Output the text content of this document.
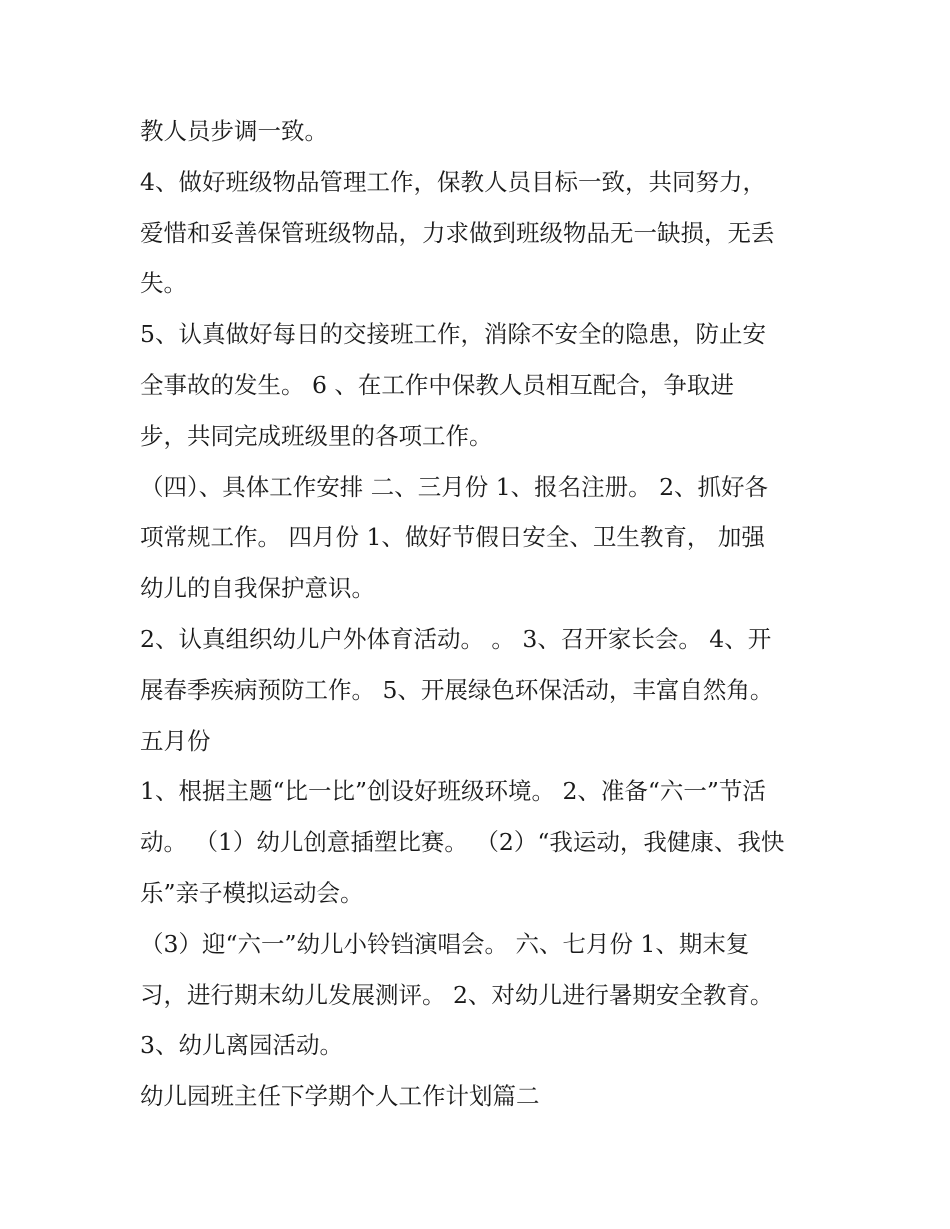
教人员步调一致。
4、做好班级物品管理工作，保教人员目标一致，共同努力，
爱惜和妥善保管班级物品，力求做到班级物品无一缺损，无丢
失。
5、认真做好每日的交接班工作，消除不安全的隐患，防止安
全事故的发生。 6 、在工作中保教人员相互配合，争取进
步，共同完成班级里的各项工作。
（四）、具体工作安排 二、三月份 1、报名注册。 2、抓好各
项常规工作。 四月份 1、做好节假日安全、卫生教育， 加强
幼儿的自我保护意识。
2、认真组织幼儿户外体育活动。 。 3、召开家长会。 4、开
展春季疾病预防工作。 5、开展绿色环保活动，丰富自然角。
五月份
1、根据主题“比一比”创设好班级环境。 2、准备“六一”节活
动。 （1）幼儿创意插塑比赛。 （2）“我运动，我健康、我快
乐”亲子模拟运动会。
（3）迎“六一”幼儿小铃铛演唱会。 六、七月份 1、期末复
习，进行期末幼儿发展测评。 2、对幼儿进行暑期安全教育。
3、幼儿离园活动。
幼儿园班主任下学期个人工作计划篇二
